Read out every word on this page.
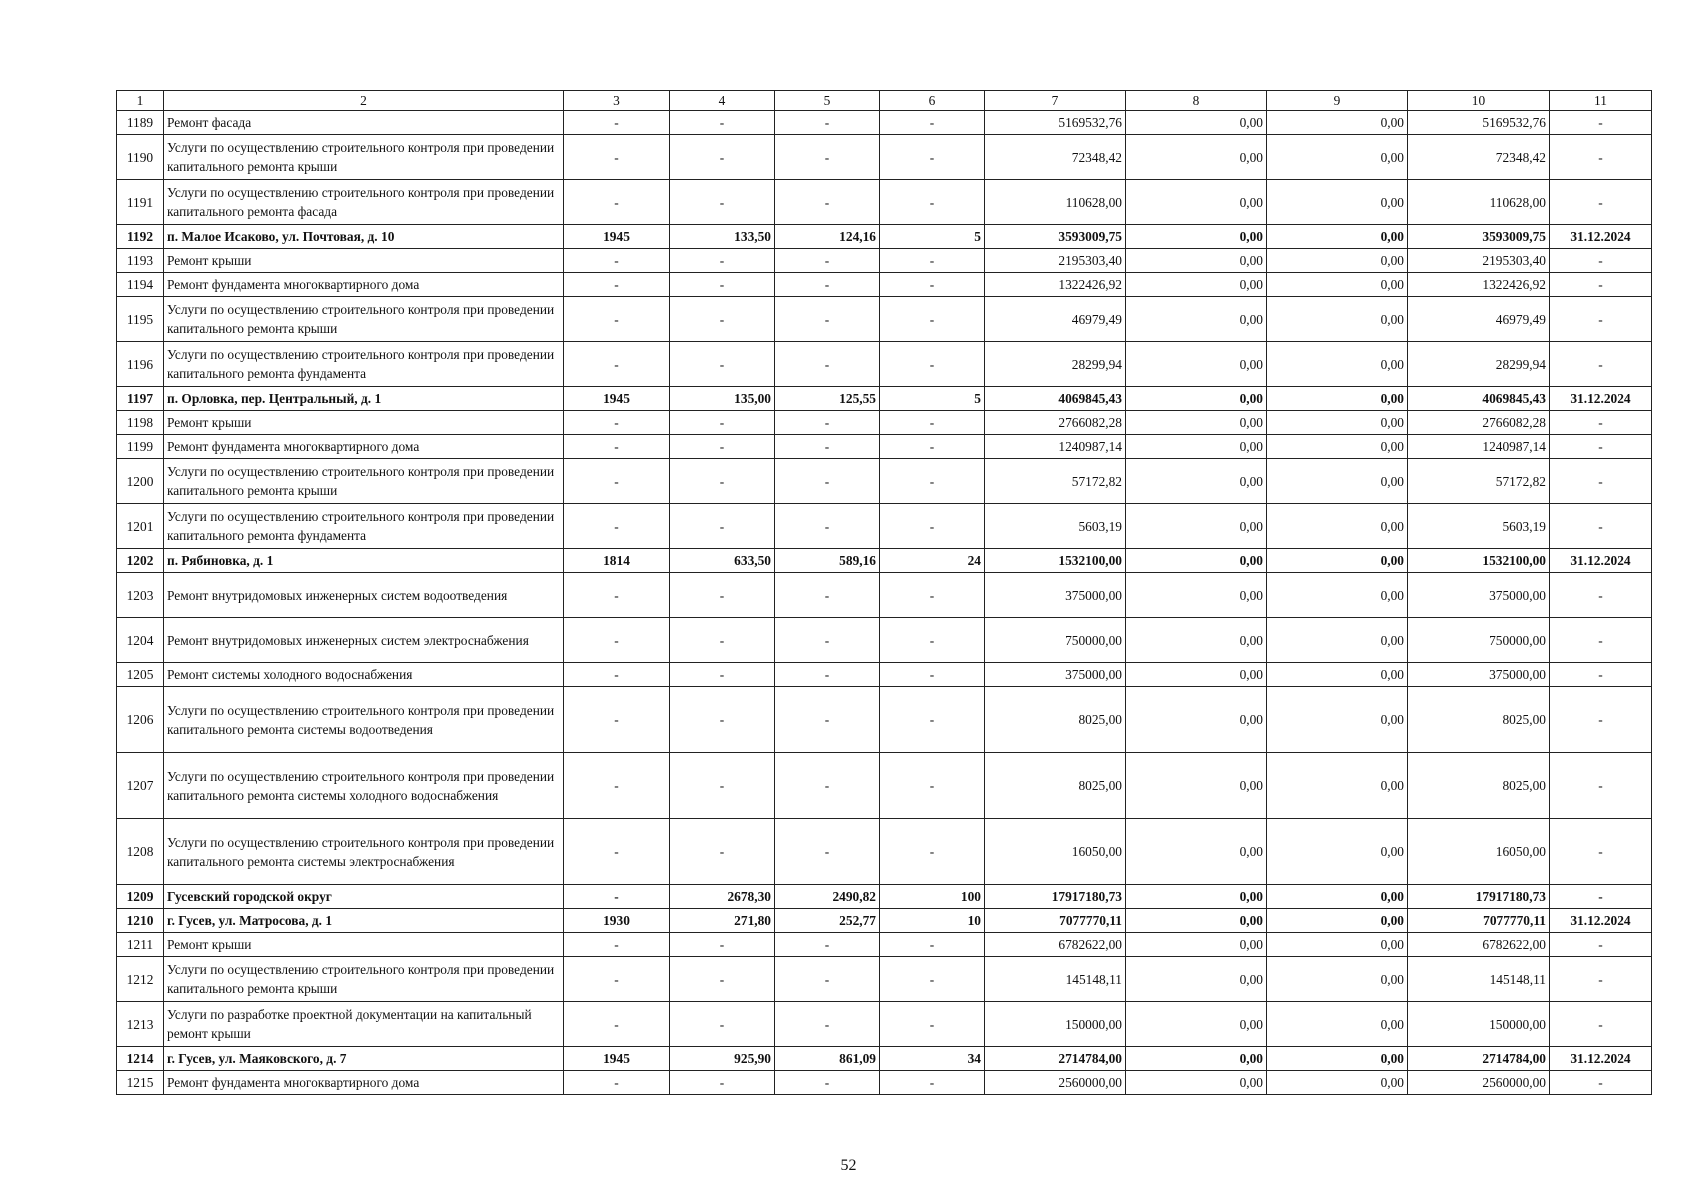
1	2	3	4	5	6	7	8	9	10	11
1189	Ремонт фасада	-	-	-	-	5169532,76	0,00	0,00	5169532,76	-
1190	Услуги по осуществлению строительного контроля при проведении капитального ремонта крыши	-	-	-	-	72348,42	0,00	0,00	72348,42	-
1191	Услуги по осуществлению строительного контроля при проведении капитального ремонта фасада	-	-	-	-	110628,00	0,00	0,00	110628,00	-
1192	п. Малое Исаково, ул. Почтовая, д. 10	1945	133,50	124,16	5	3593009,75	0,00	0,00	3593009,75	31.12.2024
1193	Ремонт крыши	-	-	-	-	2195303,40	0,00	0,00	2195303,40	-
1194	Ремонт фундамента многоквартирного дома	-	-	-	-	1322426,92	0,00	0,00	1322426,92	-
1195	Услуги по осуществлению строительного контроля при проведении капитального ремонта крыши	-	-	-	-	46979,49	0,00	0,00	46979,49	-
1196	Услуги по осуществлению строительного контроля при проведении капитального ремонта фундамента	-	-	-	-	28299,94	0,00	0,00	28299,94	-
1197	п. Орловка, пер. Центральный, д. 1	1945	135,00	125,55	5	4069845,43	0,00	0,00	4069845,43	31.12.2024
1198	Ремонт крыши	-	-	-	-	2766082,28	0,00	0,00	2766082,28	-
1199	Ремонт фундамента многоквартирного дома	-	-	-	-	1240987,14	0,00	0,00	1240987,14	-
1200	Услуги по осуществлению строительного контроля при проведении капитального ремонта крыши	-	-	-	-	57172,82	0,00	0,00	57172,82	-
1201	Услуги по осуществлению строительного контроля при проведении капитального ремонта фундамента	-	-	-	-	5603,19	0,00	0,00	5603,19	-
1202	п. Рябиновка, д. 1	1814	633,50	589,16	24	1532100,00	0,00	0,00	1532100,00	31.12.2024
1203	Ремонт внутридомовых инженерных систем водоотведения	-	-	-	-	375000,00	0,00	0,00	375000,00	-
1204	Ремонт внутридомовых инженерных систем электроснабжения	-	-	-	-	750000,00	0,00	0,00	750000,00	-
1205	Ремонт системы холодного водоснабжения	-	-	-	-	375000,00	0,00	0,00	375000,00	-
1206	Услуги по осуществлению строительного контроля при проведении капитального ремонта системы водоотведения	-	-	-	-	8025,00	0,00	0,00	8025,00	-
1207	Услуги по осуществлению строительного контроля при проведении капитального ремонта системы холодного водоснабжения	-	-	-	-	8025,00	0,00	0,00	8025,00	-
1208	Услуги по осуществлению строительного контроля при проведении капитального ремонта системы электроснабжения	-	-	-	-	16050,00	0,00	0,00	16050,00	-
1209	Гусевский городской округ	-	2678,30	2490,82	100	17917180,73	0,00	0,00	17917180,73	-
1210	г. Гусев, ул. Матросова, д. 1	1930	271,80	252,77	10	7077770,11	0,00	0,00	7077770,11	31.12.2024
1211	Ремонт крыши	-	-	-	-	6782622,00	0,00	0,00	6782622,00	-
1212	Услуги по осуществлению строительного контроля при проведении капитального ремонта крыши	-	-	-	-	145148,11	0,00	0,00	145148,11	-
1213	Услуги по разработке проектной документации на капитальный ремонт крыши	-	-	-	-	150000,00	0,00	0,00	150000,00	-
1214	г. Гусев, ул. Маяковского, д. 7	1945	925,90	861,09	34	2714784,00	0,00	0,00	2714784,00	31.12.2024
1215	Ремонт фундамента многоквартирного дома	-	-	-	-	2560000,00	0,00	0,00	2560000,00	-
52
